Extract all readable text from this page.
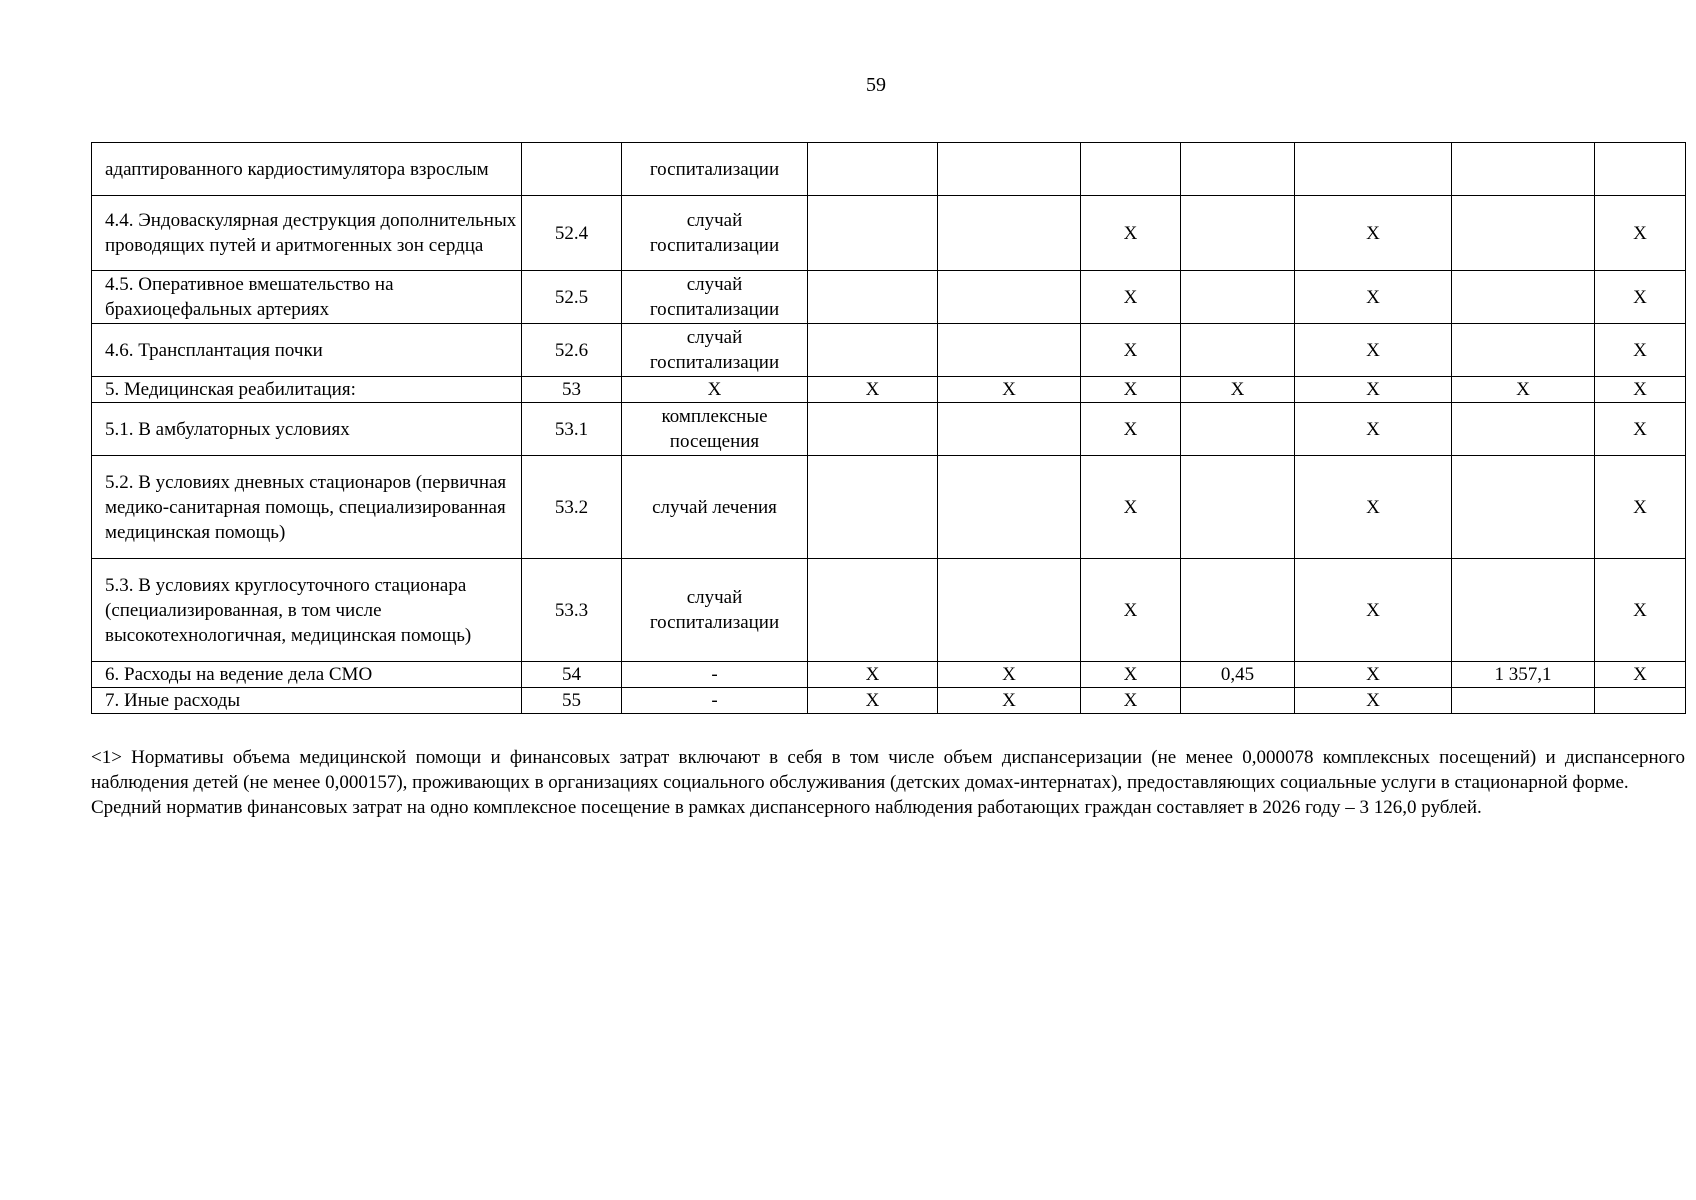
59
адаптированного кардиостимулятора взрослым		госпитализации							
4.4. Эндоваскулярная деструкция дополнительных проводящих путей и аритмогенных зон сердца	52.4	случай госпитализации			Х		Х		Х
4.5. Оперативное вмешательство на брахиоцефальных артериях	52.5	случай госпитализации			Х		Х		Х
4.6. Трансплантация почки	52.6	случай госпитализации			Х		Х		Х
5. Медицинская реабилитация:	53	Х	Х	Х	Х	Х	Х	Х	Х
5.1. В амбулаторных условиях	53.1	комплексные посещения			Х		Х		Х
5.2. В условиях дневных стационаров (первичная медико-санитарная помощь, специализированная медицинская помощь)	53.2	случай лечения			Х		Х		Х
5.3. В условиях круглосуточного стационара (специализированная, в том числе высокотехнологичная, медицинская помощь)	53.3	случай госпитализации			Х		Х		Х
6. Расходы на ведение дела СМО	54	-	Х	Х	Х	0,45	Х	1 357,1	Х
7. Иные расходы	55	-	Х	Х	Х		Х		

<1> Нормативы объема медицинской помощи и финансовых затрат включают в себя в том числе объем диспансеризации (не менее 0,000078 комплексных посещений) и диспансерного наблюдения детей (не менее 0,000157), проживающих в организациях социального обслуживания (детских домах-интернатах), предоставляющих социальные услуги в стационарной форме.

Средний норматив финансовых затрат на одно комплексное посещение в рамках диспансерного наблюдения работающих граждан составляет в 2026 году – 3 126,0 рублей.
